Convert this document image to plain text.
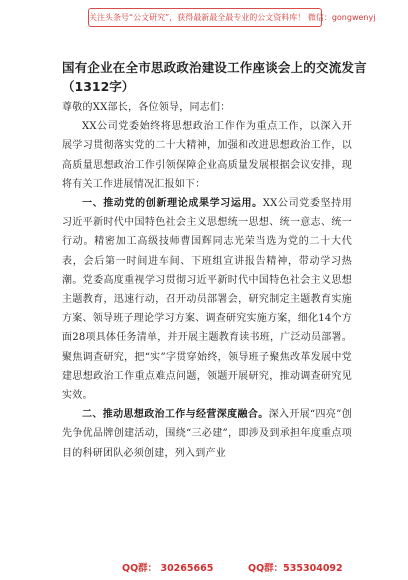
关注头条号“公文研究”，获得最新最全最专业的公文资料库！ 微信：gongwenyj
国有企业在全市思政政治建设工作座谈会上的交流发言
（1312字）

尊敬的XX部长，各位领导，同志们：

XX公司党委始终将思想政治工作作为重点工作，以深入开展学习贯彻落实党的二十大精神，加强和改进思想政治工作，以高质量思想政治工作引领保障企业高质量发展根据会议安排，现将有关工作进展情况汇报如下：

一、推动党的创新理论成果学习运用。XX公司党委坚持用习近平新时代中国特色社会主义思想统一思想、统一意志、统一行动。精密加工高级技师曹国辉同志光荣当选为党的二十大代表，会后第一时间进车间、下班组宣讲报告精神，带动学习热潮。党委高度重视学习贯彻习近平新时代中国特色社会主义思想主题教育，迅速行动，召开动员部署会，研究制定主题教育实施方案、领导班子理论学习方案、调查研究实施方案，细化14个方面28项具体任务清单，并开展主题教育读书班，广泛动员部署。聚焦调查研究，把“实”字贯穿始终，领导班子聚焦改革发展中党建思想政治工作重点难点问题，领题开展研究，推动调查研究见实效。

二、推动思想政治工作与经营深度融合。深入开展“四亮”创先争优品牌创建活动，围绕“三必建”，即涉及到承担年度重点项目的科研团队必须创建，列入到产业

QQ群： 30265665	QQ群：535304092
